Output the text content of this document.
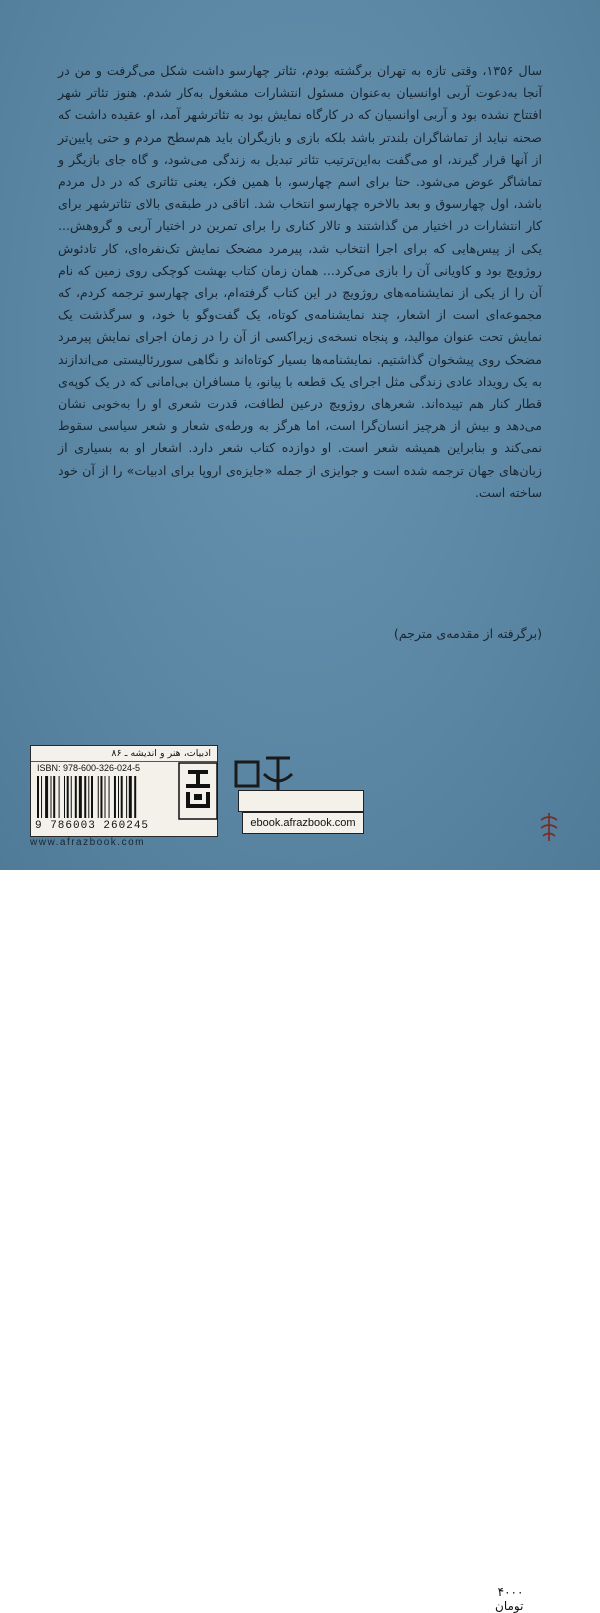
سال ۱۳۵۶، وقتی تازه به تهران برگشته بودم، تئاتر چهارسو داشت شکل می‌گرفت و من در آنجا به‌دعوت آربی اوانسیان به‌عنوان مسئول انتشارات مشغول به‌کار شدم. هنوز تئاتر شهر افتتاح نشده بود و آربی اوانسیان که در کارگاه نمایش بود به تئاترشهر آمد، او عقیده داشت که صحنه نباید از تماشاگران بلندتر باشد بلکه بازی و بازیگران باید هم‌سطح مردم و حتی پایین‌تر از آنها قرار گیرند، او می‌گفت به‌این‌ترتیب تئاتر تبدیل به زندگی می‌شود، و گاه جای بازیگر و تماشاگر عوض می‌شود. حتا برای اسم چهارسو، با همین فکر، یعنی تئاتری که در دل مردم باشد، اول چهارسوق و بعد بالاخره چهارسو انتخاب شد. اتاقی در طبقه‌ی بالای تئاترشهر برای کار انتشارات در اختیار من گذاشتند و تالار کناری را برای تمرین در اختیار آربی و گروهش... یکی از پیس‌هایی که برای اجرا انتخاب شد، پیرمرد مضحک نمایش تک‌نفره‌ای، کار تادئوش روژویچ بود و کاویانی آن را بازی می‌کرد... همان زمان کتاب بهشت کوچکی روی زمین که نام آن را از یکی از نمایشنامه‌های روژویچ در این کتاب گرفته‌ام، برای چهارسو ترجمه کردم، که مجموعه‌ای است از اشعار، چند نمایشنامه‌ی کوتاه، یک گفت‌وگو با خود، و سرگذشت یک نمایش تحت عنوان مواليد، و پنجاه نسخه‌ی زیراکسی از آن را در زمان اجرای نمایش پیرمرد مضحک روی پیشخوان گذاشتیم. نمایشنامه‌ها بسیار کوتاه‌اند و نگاهی سوررئالیستی می‌اندازند به یک رویداد عادی زندگی مثل اجرای یک قطعه با پیانو، یا مسافران بی‌امانی که در یک کوپه‌ی قطار کنار هم تپیده‌اند. شعرهای روژویچ درعین لطافت، قدرت شعری او را به‌خوبی نشان می‌دهد و بیش از هرچیز انسان‌گرا است، اما هرگز به ورطه‌ی شعار و شعر سیاسی سقوط نمی‌کند و بنابراین همیشه شعر است. او دوازده کتاب شعر دارد. اشعار او به بسیاری از زبان‌های جهان ترجمه شده است و جوایزی از جمله «جایزه‌ی اروپا برای ادبیات» را از آن خود ساخته است.

(برگرفته از مقدمه‌ی مترجم)

۴۰۰۰ تومان
ebook.afrazbook.com
ادبیات، هنر و اندیشه ـ ۸۶
ISBN: 978-600-326-024-5
9 786003 260245
www.afrazbook.com
